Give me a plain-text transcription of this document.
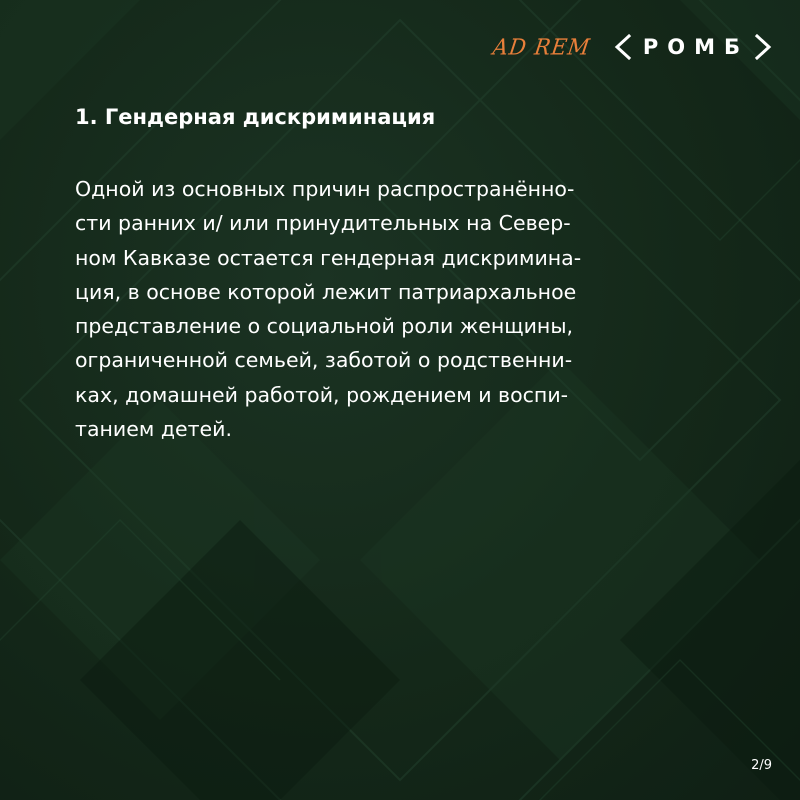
AD REM РОМБ
1. Гендерная дискриминация

Одной из основных причин распространённо-
сти ранних и/ или принудительных на Север-
ном Кавказе остается гендерная дискримина-
ция, в основе которой лежит патриархальное
представление о социальной роли женщины,
ограниченной семьей, заботой о родственни-
ках, домашней работой, рождением и воспи-
танием детей.

2/9
